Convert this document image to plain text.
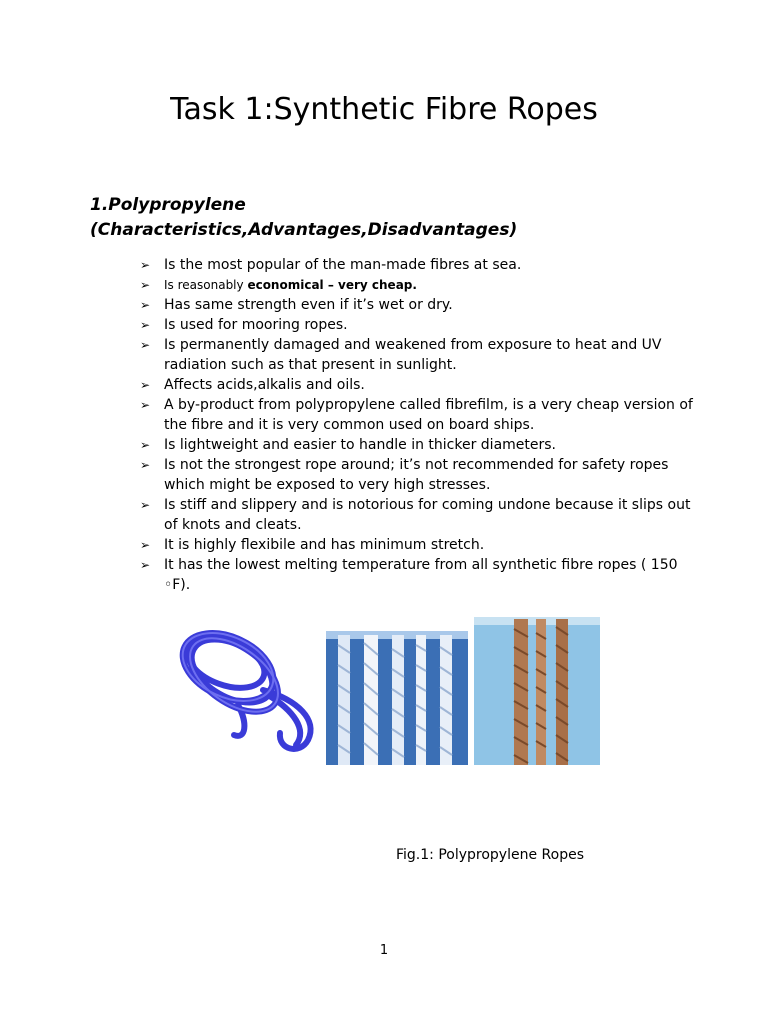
Task 1:Synthetic Fibre Ropes
1.Polypropylene
(Characteristics,Advantages,Disadvantages)
➢ Is the most popular of the man-made fibres at sea.
➢ Is reasonably economical – very cheap.
➢ Has same strength even if it’s wet or dry.
➢ Is used for mooring ropes.
➢ Is permanently damaged and weakened from exposure to heat and UV radiation such as that present in sunlight.
➢ Affects acids,alkalis and oils.
➢ A by-product from polypropylene called fibrefilm, is a very cheap version of the fibre and it is very common used on board ships.
➢ Is lightweight and easier to handle in thicker diameters.
➢ Is not the strongest rope around; it’s not recommended for safety ropes which might be exposed to very high stresses.
➢ Is stiff and slippery and is notorious for coming undone because it slips out of knots and cleats.
➢ It is highly flexibile and has minimum stretch.
➢ It has the lowest melting temperature from all synthetic fibre ropes ( 150 ◦F).
Fig.1: Polypropylene Ropes
1
